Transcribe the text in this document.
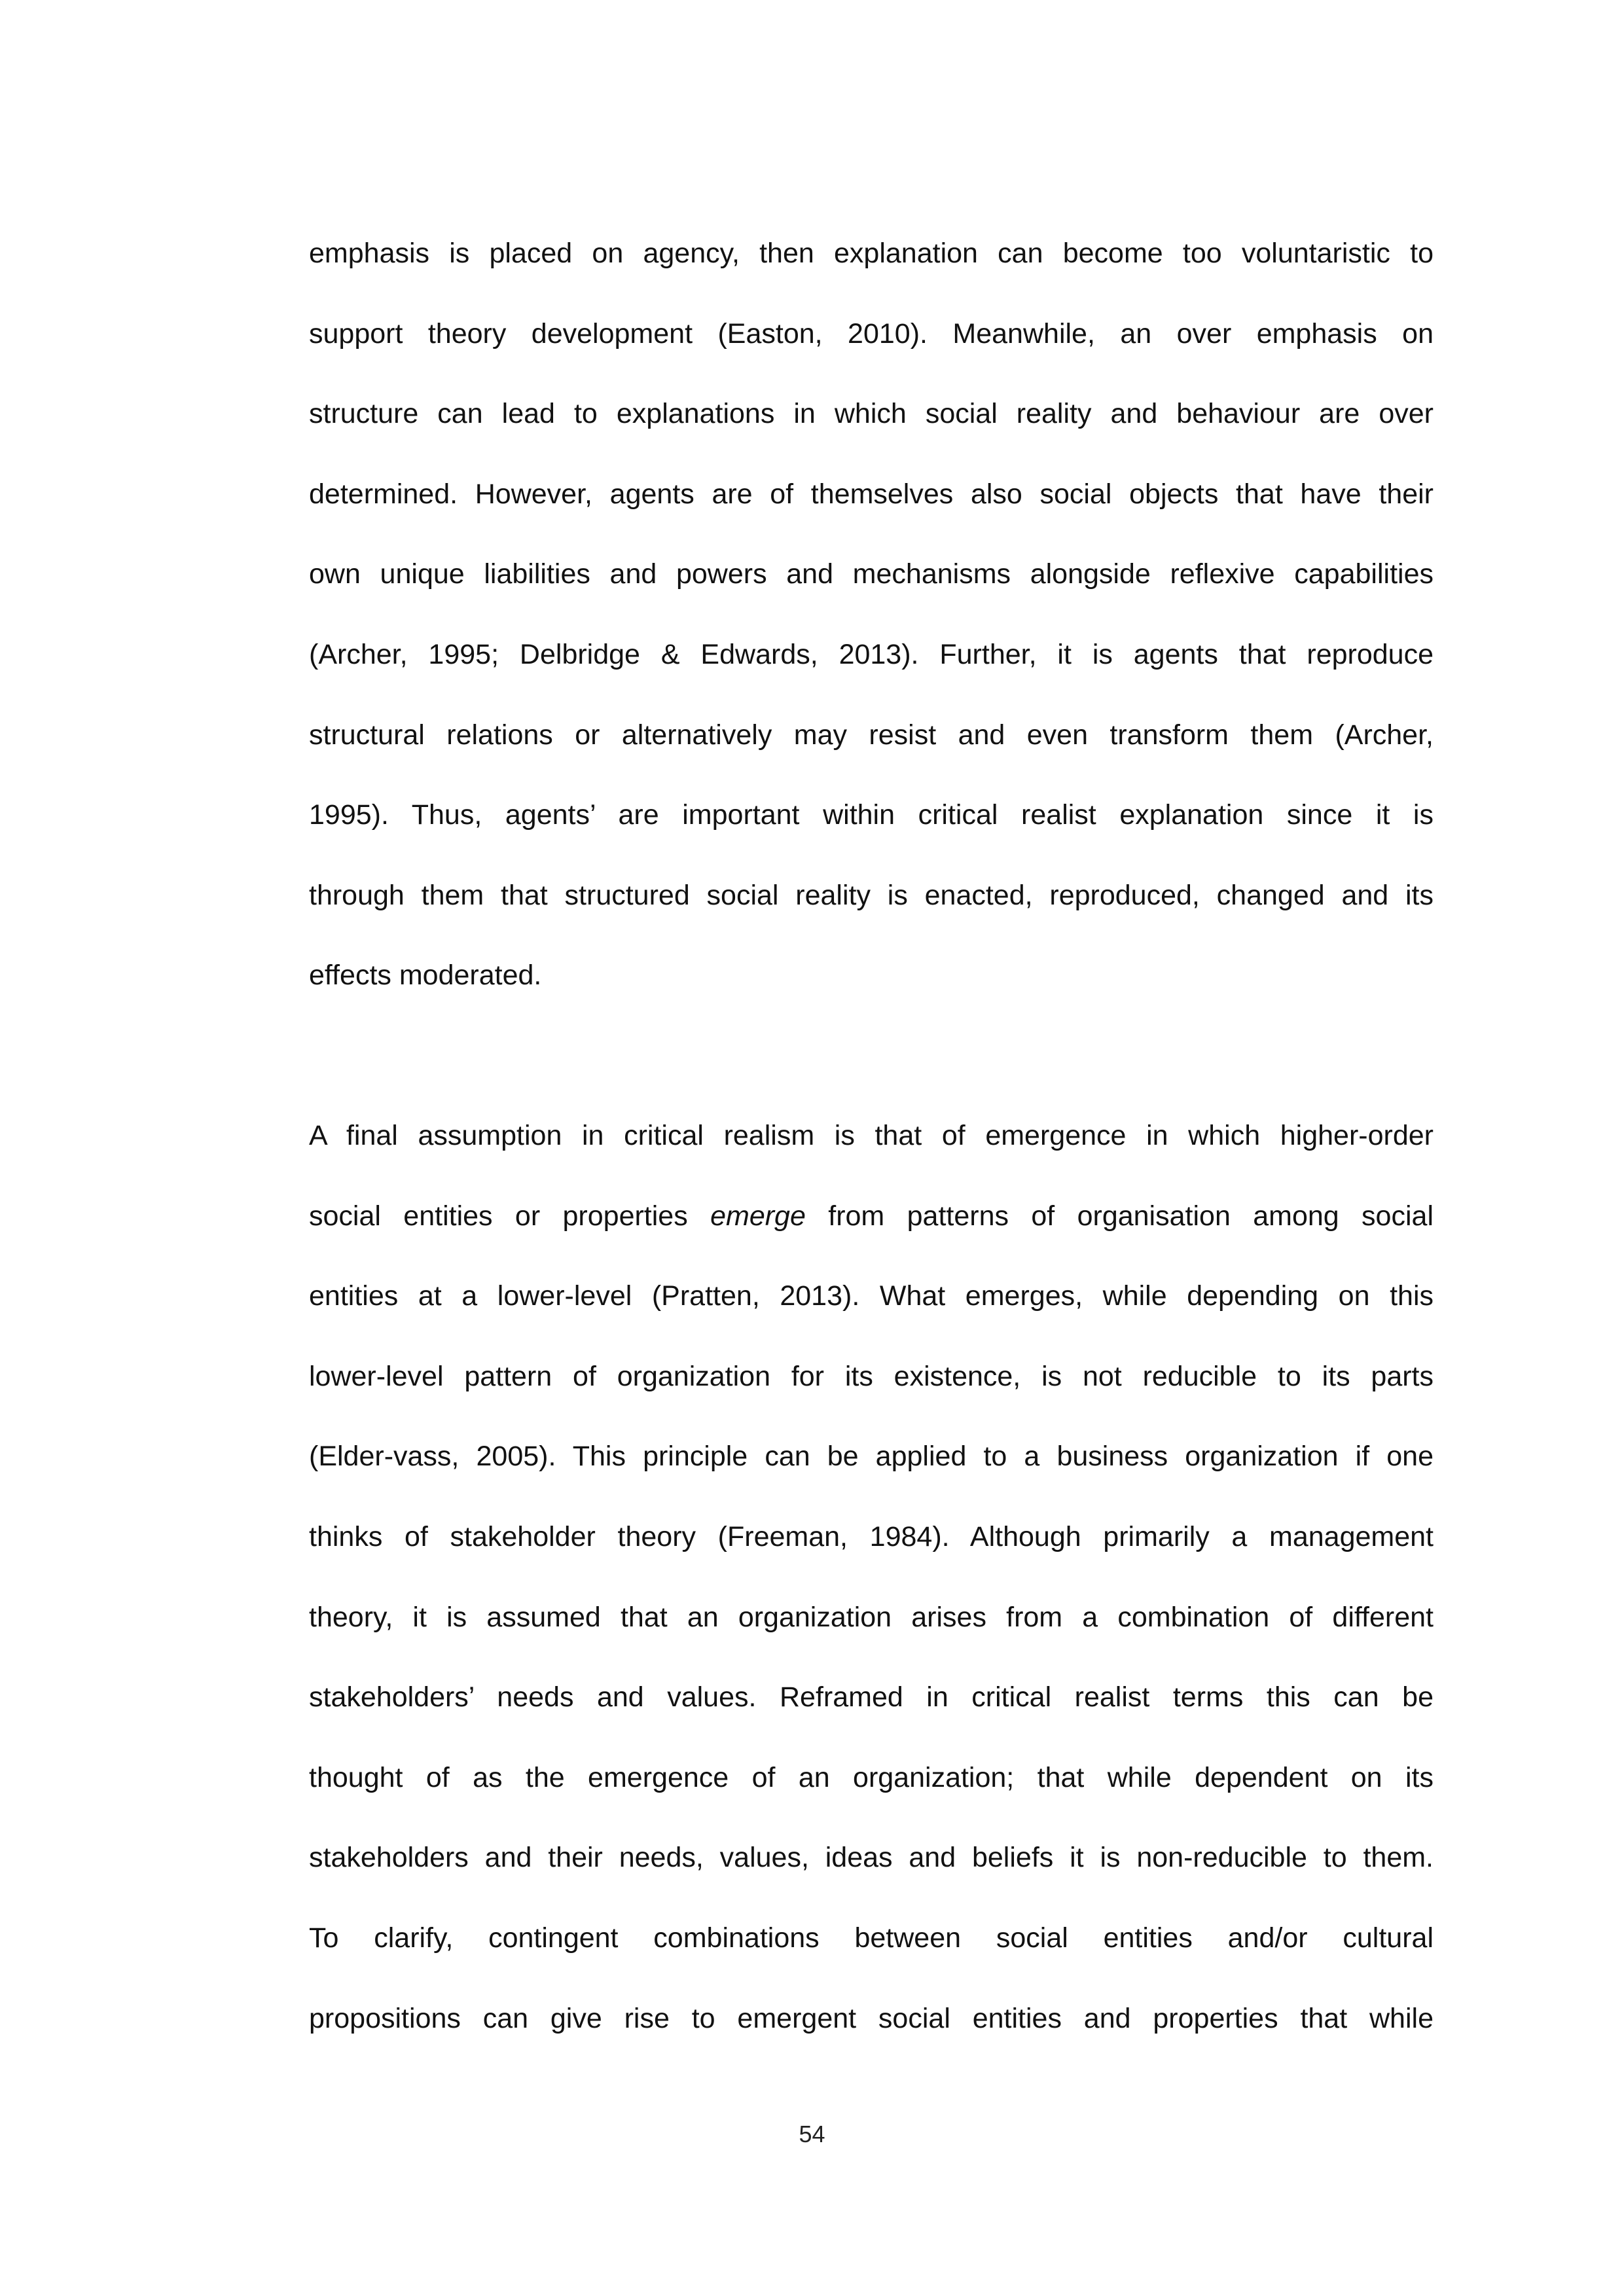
emphasis is placed on agency, then explanation can become too voluntaristic to
support theory development (Easton, 2010). Meanwhile, an over emphasis on
structure can lead to explanations in which social reality and behaviour are over
determined. However, agents are of themselves also social objects that have their
own unique liabilities and powers and mechanisms alongside reflexive capabilities
(Archer, 1995; Delbridge & Edwards, 2013). Further, it is agents that reproduce
structural relations or alternatively may resist and even transform them (Archer,
1995). Thus, agents’ are important within critical realist explanation since it is
through them that structured social reality is enacted, reproduced, changed and its
effects moderated.
A final assumption in critical realism is that of emergence in which higher-order
social entities or properties emerge from patterns of organisation among social
entities at a lower-level (Pratten, 2013). What emerges, while depending on this
lower-level pattern of organization for its existence, is not reducible to its parts
(Elder-vass, 2005). This principle can be applied to a business organization if one
thinks of stakeholder theory (Freeman, 1984). Although primarily a management
theory, it is assumed that an organization arises from a combination of different
stakeholders’ needs and values. Reframed in critical realist terms this can be
thought of as the emergence of an organization; that while dependent on its
stakeholders and their needs, values, ideas and beliefs it is non-reducible to them.
To clarify, contingent combinations between social entities and/or cultural
propositions can give rise to emergent social entities and properties that while
54
